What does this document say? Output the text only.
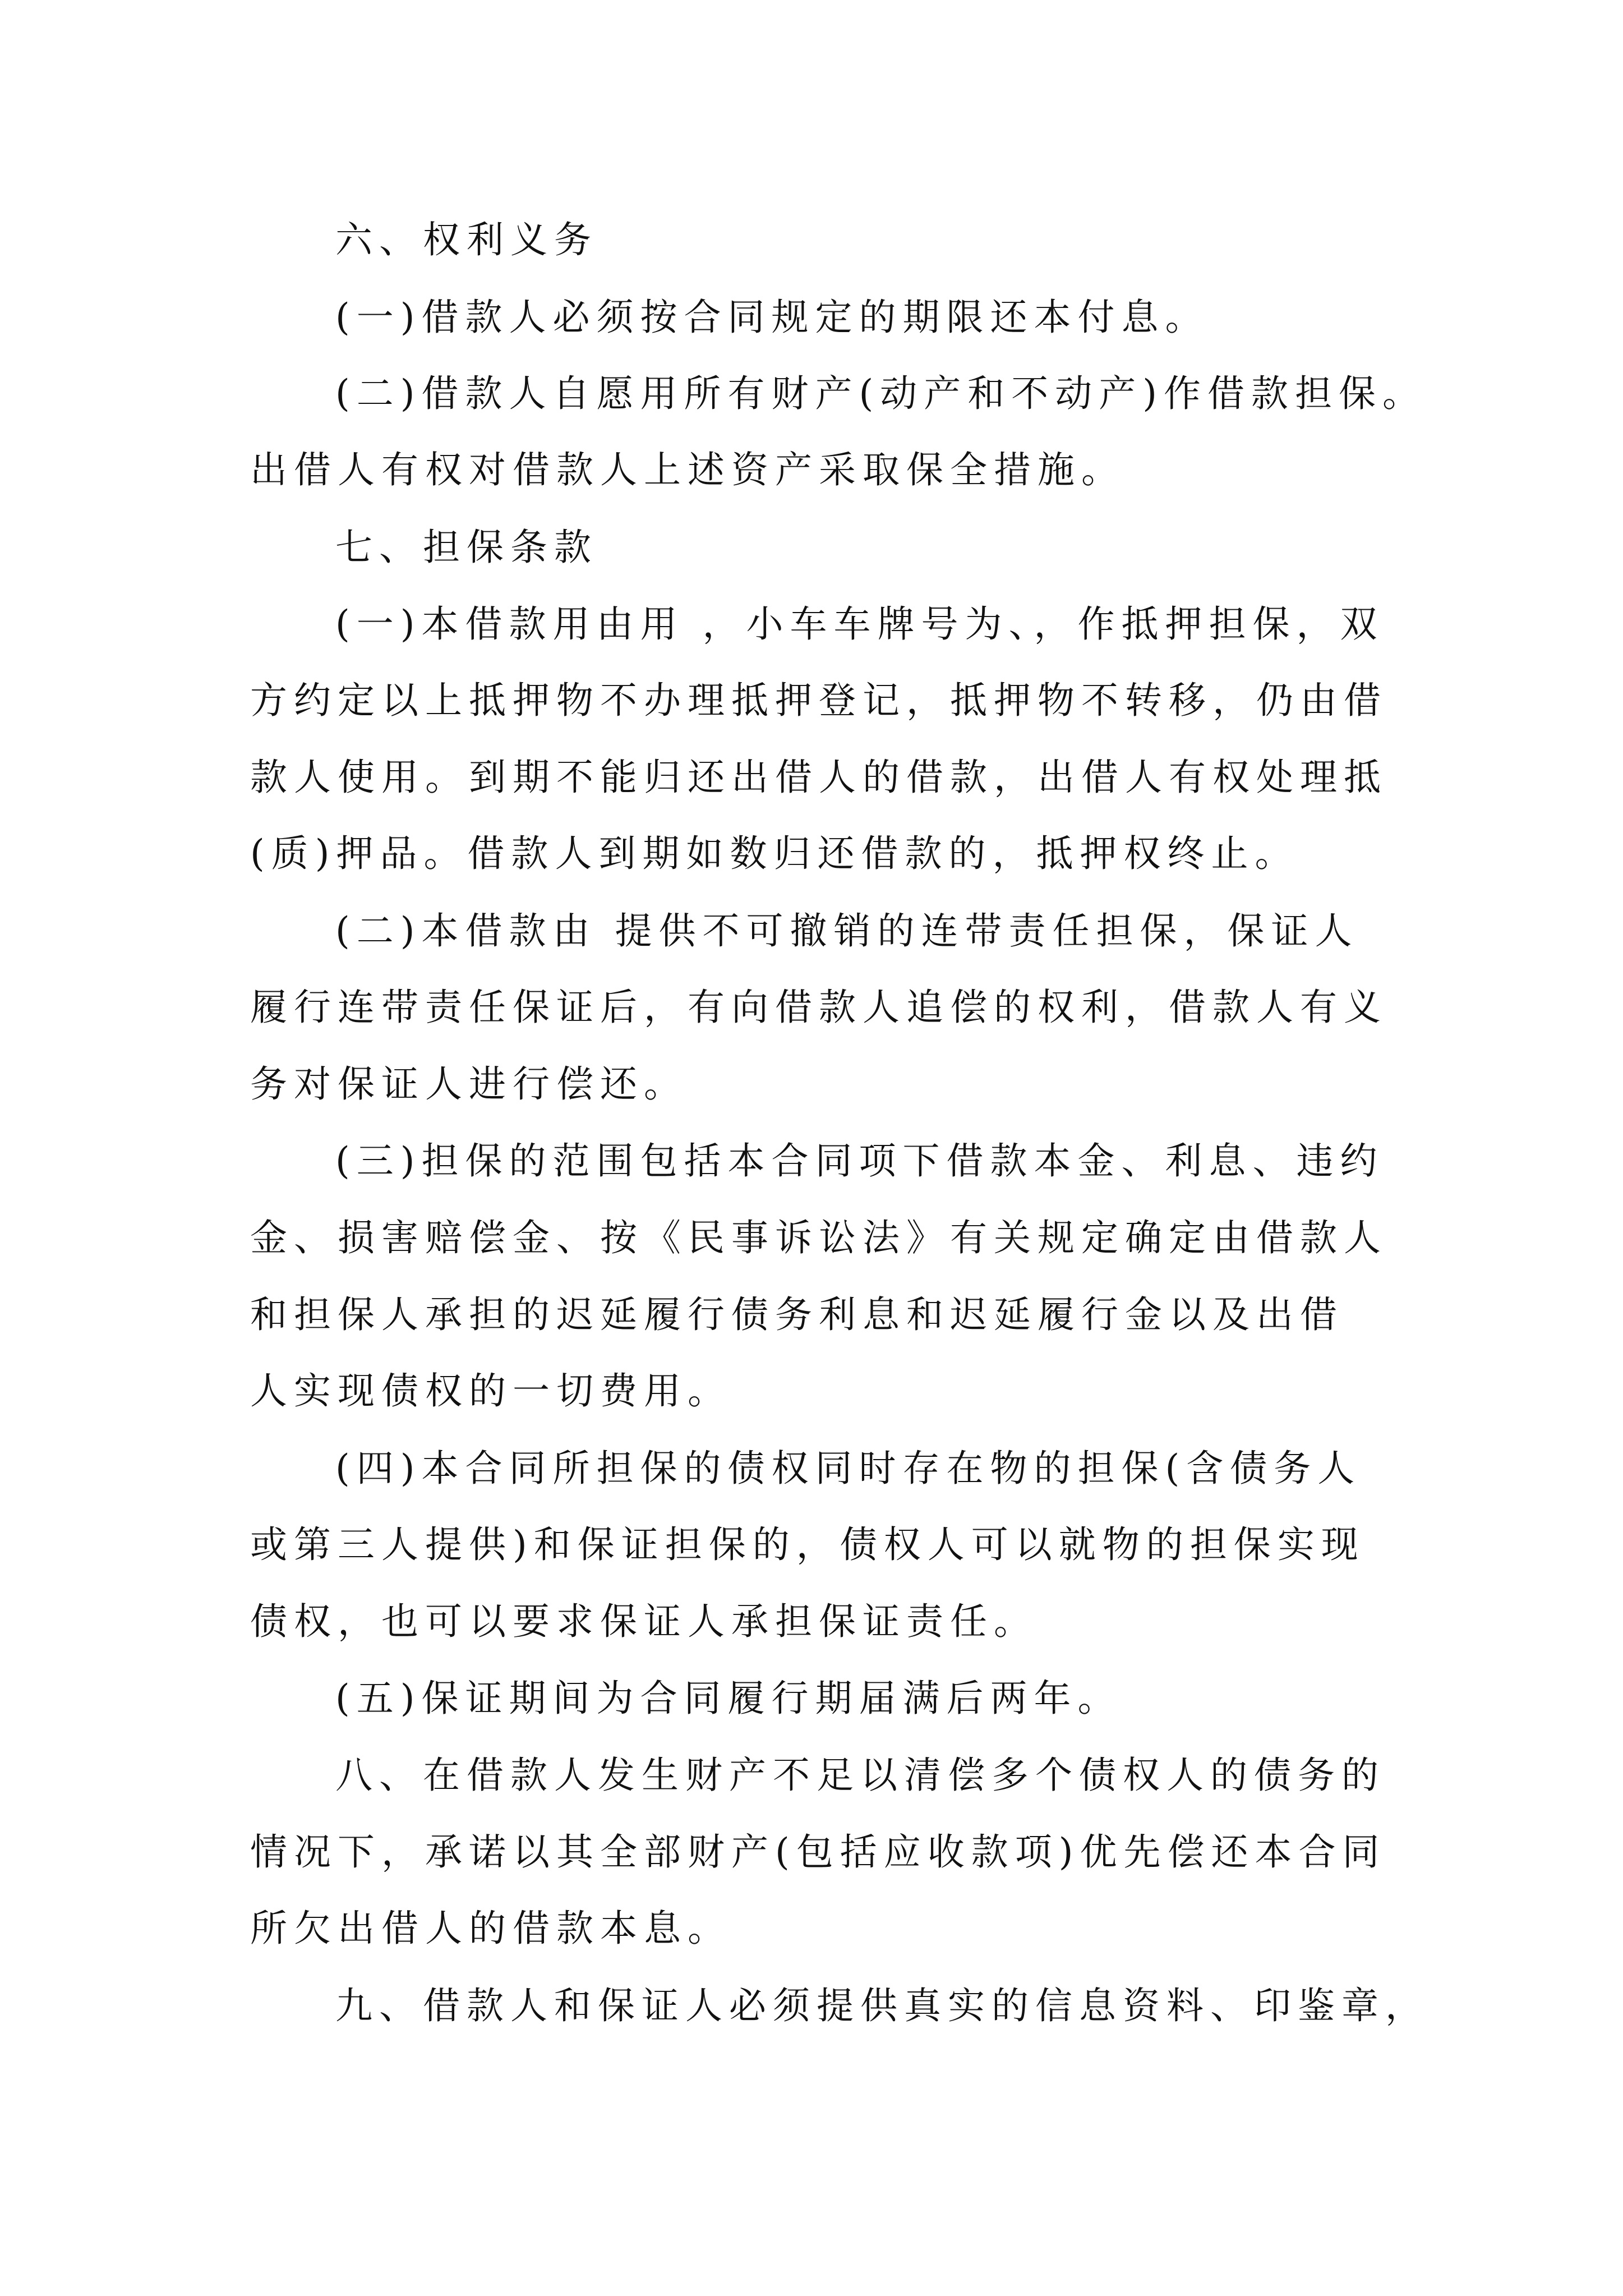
六、权利义务
(一)借款人必须按合同规定的期限还本付息。
(二)借款人自愿用所有财产(动产和不动产)作借款担保。
出借人有权对借款人上述资产采取保全措施。
七、担保条款
(一)本借款用由用 ，小车车牌号为、，作抵押担保，双
方约定以上抵押物不办理抵押登记，抵押物不转移，仍由借
款人使用。到期不能归还出借人的借款，出借人有权处理抵
(质)押品。借款人到期如数归还借款的，抵押权终止。
(二)本借款由 提供不可撤销的连带责任担保，保证人
履行连带责任保证后，有向借款人追偿的权利，借款人有义
务对保证人进行偿还。
(三)担保的范围包括本合同项下借款本金、利息、违约
金、损害赔偿金、按《民事诉讼法》有关规定确定由借款人
和担保人承担的迟延履行债务利息和迟延履行金以及出借
人实现债权的一切费用。
(四)本合同所担保的债权同时存在物的担保(含债务人
或第三人提供)和保证担保的，债权人可以就物的担保实现
债权，也可以要求保证人承担保证责任。
(五)保证期间为合同履行期届满后两年。
八、在借款人发生财产不足以清偿多个债权人的债务的
情况下，承诺以其全部财产(包括应收款项)优先偿还本合同
所欠出借人的借款本息。
九、借款人和保证人必须提供真实的信息资料、印鉴章，
